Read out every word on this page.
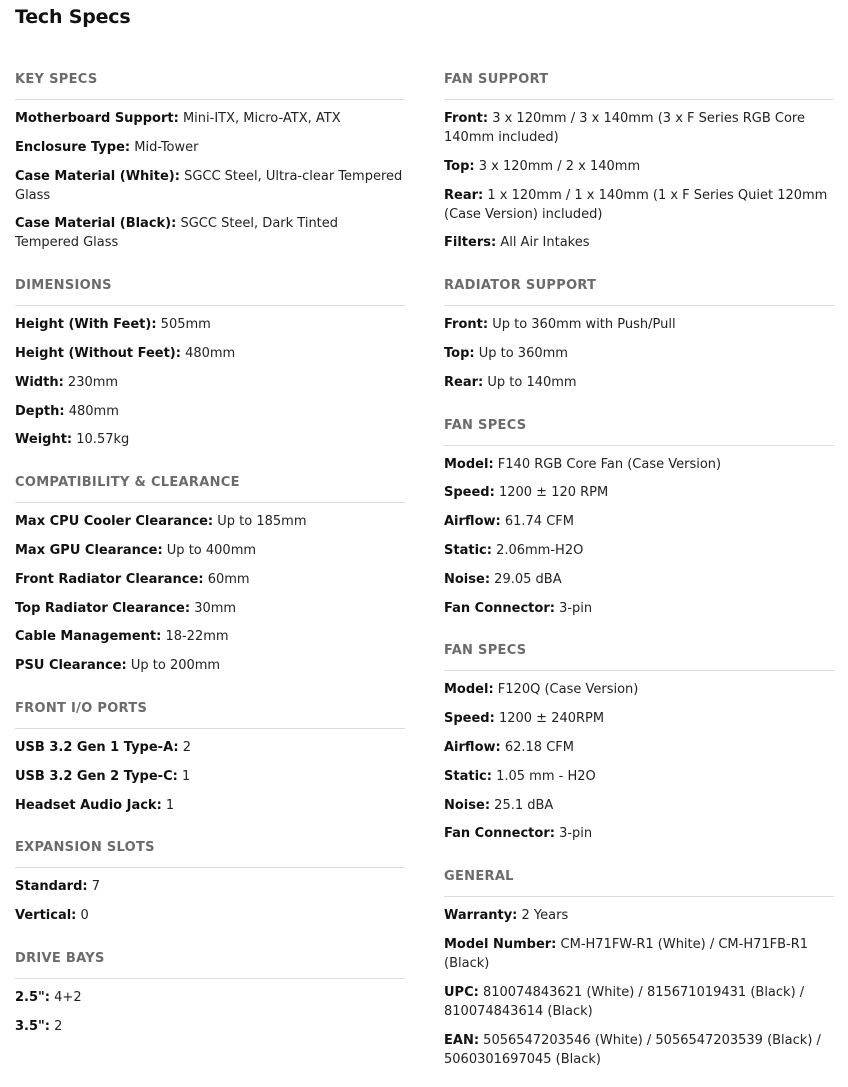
Tech Specs
KEY SPECS
Motherboard Support: Mini-ITX, Micro-ATX, ATX
Enclosure Type: Mid-Tower
Case Material (White): SGCC Steel, Ultra-clear Tempered Glass
Case Material (Black): SGCC Steel, Dark Tinted Tempered Glass
DIMENSIONS
Height (With Feet): 505mm
Height (Without Feet): 480mm
Width: 230mm
Depth: 480mm
Weight: 10.57kg
COMPATIBILITY & CLEARANCE
Max CPU Cooler Clearance: Up to 185mm
Max GPU Clearance: Up to 400mm
Front Radiator Clearance: 60mm
Top Radiator Clearance: 30mm
Cable Management: 18-22mm
PSU Clearance: Up to 200mm
FRONT I/O PORTS
USB 3.2 Gen 1 Type-A: 2
USB 3.2 Gen 2 Type-C: 1
Headset Audio Jack: 1
EXPANSION SLOTS
Standard: 7
Vertical: 0
DRIVE BAYS
2.5": 4+2
3.5": 2
FAN SUPPORT
Front: 3 x 120mm / 3 x 140mm (3 x F Series RGB Core 140mm included)
Top: 3 x 120mm / 2 x 140mm
Rear: 1 x 120mm / 1 x 140mm (1 x F Series Quiet 120mm (Case Version) included)
Filters: All Air Intakes
RADIATOR SUPPORT
Front: Up to 360mm with Push/Pull
Top: Up to 360mm
Rear: Up to 140mm
FAN SPECS
Model: F140 RGB Core Fan (Case Version)
Speed: 1200 ± 120 RPM
Airflow: 61.74 CFM
Static: 2.06mm-H2O
Noise: 29.05 dBA
Fan Connector: 3-pin
FAN SPECS
Model: F120Q (Case Version)
Speed: 1200 ± 240RPM
Airflow: 62.18 CFM
Static: 1.05 mm - H2O
Noise: 25.1 dBA
Fan Connector: 3-pin
GENERAL
Warranty: 2 Years
Model Number: CM-H71FW-R1 (White) / CM-H71FB-R1 (Black)
UPC: 810074843621 (White) / 815671019431 (Black) / 810074843614 (Black)
EAN: 5056547203546 (White) / 5056547203539 (Black) / 5060301697045 (Black)
